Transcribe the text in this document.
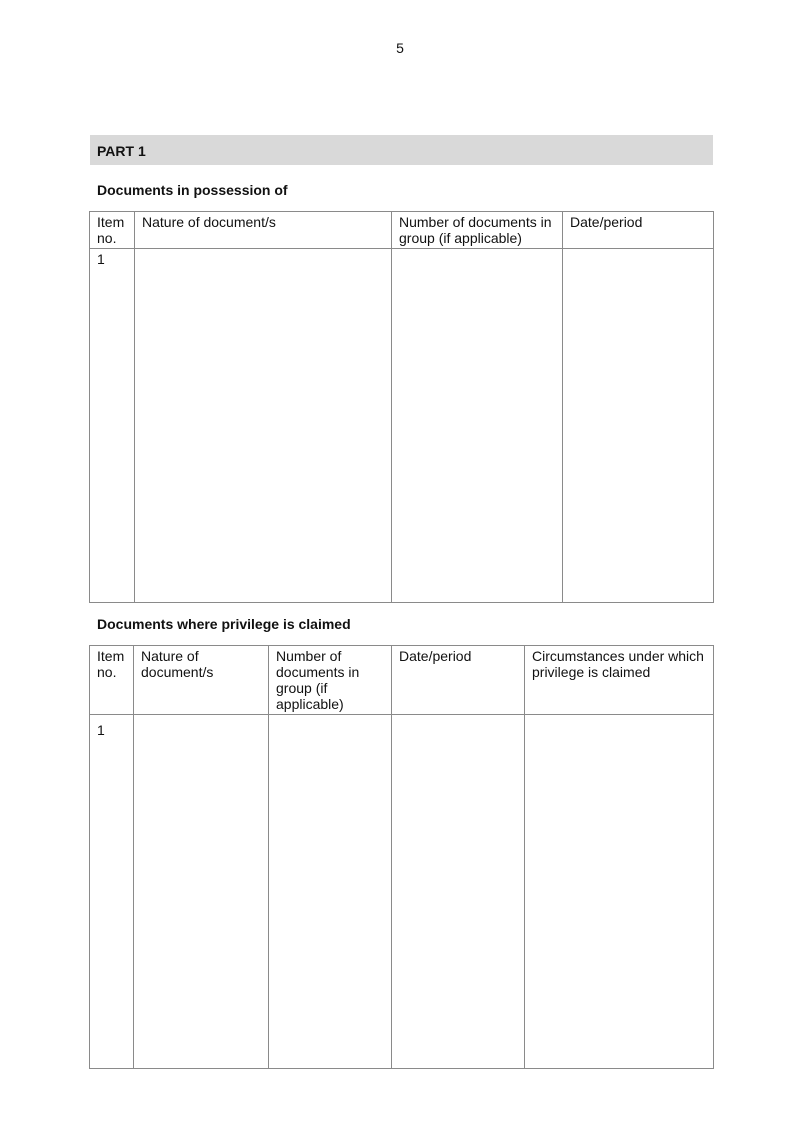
5
PART 1
Documents in possession of
Item no.	Nature of document/s	Number of documents in group (if applicable)	Date/period
1			
Documents where privilege is claimed
Item no.	Nature of document/s	Number of documents in group (if applicable)	Date/period	Circumstances under which privilege is claimed
1				
